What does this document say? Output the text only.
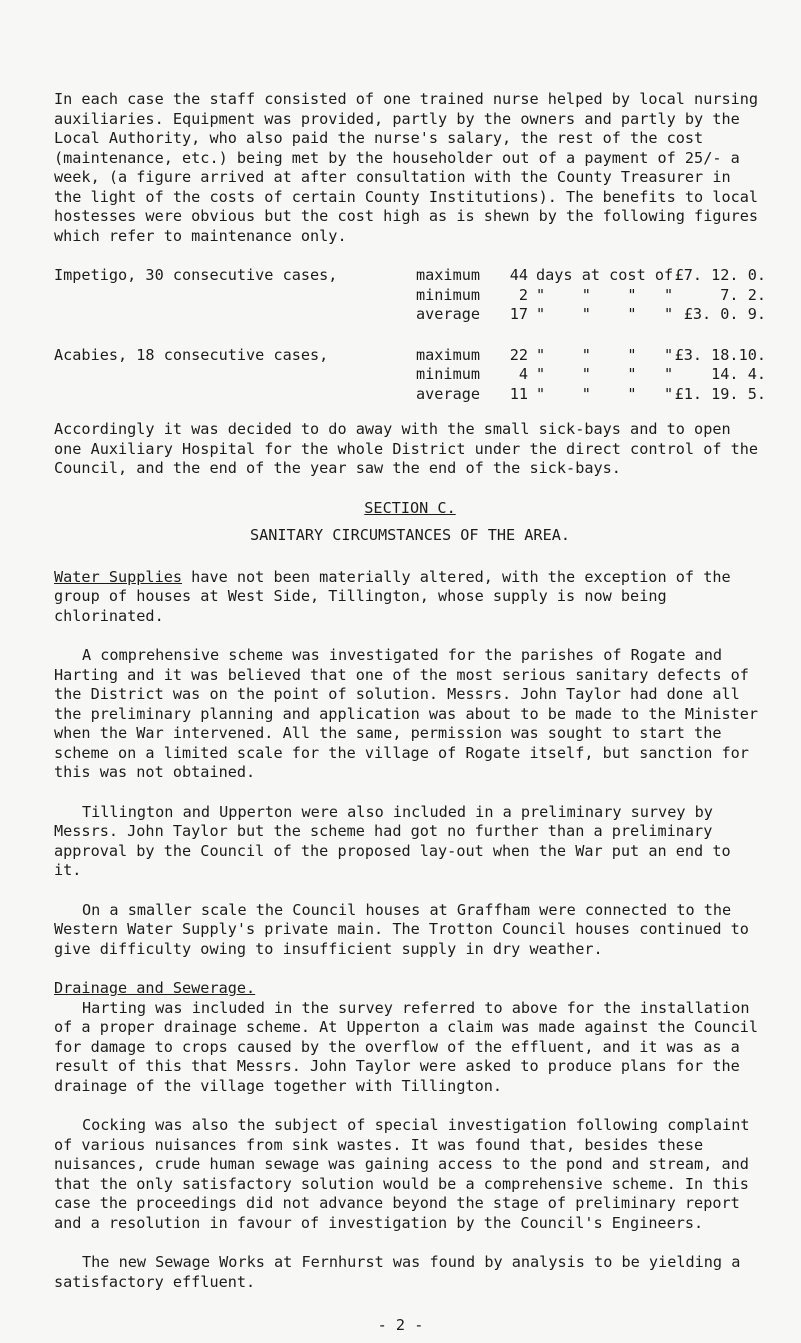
In each case the staff consisted of one trained nurse helped by local nursing auxiliaries. Equipment was provided, partly by the owners and partly by the Local Authority, who also paid the nurse's salary, the rest of the cost (maintenance, etc.) being met by the householder out of a payment of 25/- a week, (a figure arrived at after consultation with the County Treasurer in the light of the costs of certain County Institutions). The benefits to local hostesses were obvious but the cost high as is shewn by the following figures which refer to maintenance only.

Impetigo, 30 consecutive cases,	maximum	44 days at cost of £7. 12. 0.
minimum	2 "    "    "   "	7. 2.
average	17 "    "    "   " £3. 0. 9.
Acabies, 18 consecutive cases,	maximum	22 "    "    "   " £3. 18.10.
minimum	4 "    "    "   "	14. 4.
average	11 "    "    "   " £1. 19. 5.

Accordingly it was decided to do away with the small sick-bays and to open one Auxiliary Hospital for the whole District under the direct control of the Council, and the end of the year saw the end of the sick-bays.

SECTION C.

SANITARY CIRCUMSTANCES OF THE AREA.

Water Supplies have not been materially altered, with the exception of the group of houses at West Side, Tillington, whose supply is now being chlorinated.

A comprehensive scheme was investigated for the parishes of Rogate and Harting and it was believed that one of the most serious sanitary defects of the District was on the point of solution. Messrs. John Taylor had done all the preliminary planning and application was about to be made to the Minister when the War intervened. All the same, permission was sought to start the scheme on a limited scale for the village of Rogate itself, but sanction for this was not obtained.

Tillington and Upperton were also included in a preliminary survey by Messrs. John Taylor but the scheme had got no further than a preliminary approval by the Council of the proposed lay-out when the War put an end to it.

On a smaller scale the Council houses at Graffham were connected to the Western Water Supply's private main. The Trotton Council houses continued to give difficulty owing to insufficient supply in dry weather.

Drainage and Sewerage.

Harting was included in the survey referred to above for the installation of a proper drainage scheme. At Upperton a claim was made against the Council for damage to crops caused by the overflow of the effluent, and it was as a result of this that Messrs. John Taylor were asked to produce plans for the drainage of the village together with Tillington.

Cocking was also the subject of special investigation following complaint of various nuisances from sink wastes. It was found that, besides these nuisances, crude human sewage was gaining access to the pond and stream, and that the only satisfactory solution would be a comprehensive scheme. In this case the proceedings did not advance beyond the stage of preliminary report and a resolution in favour of investigation by the Council's Engineers.

The new Sewage Works at Fernhurst was found by analysis to be yielding a satisfactory effluent.

- 2 -
